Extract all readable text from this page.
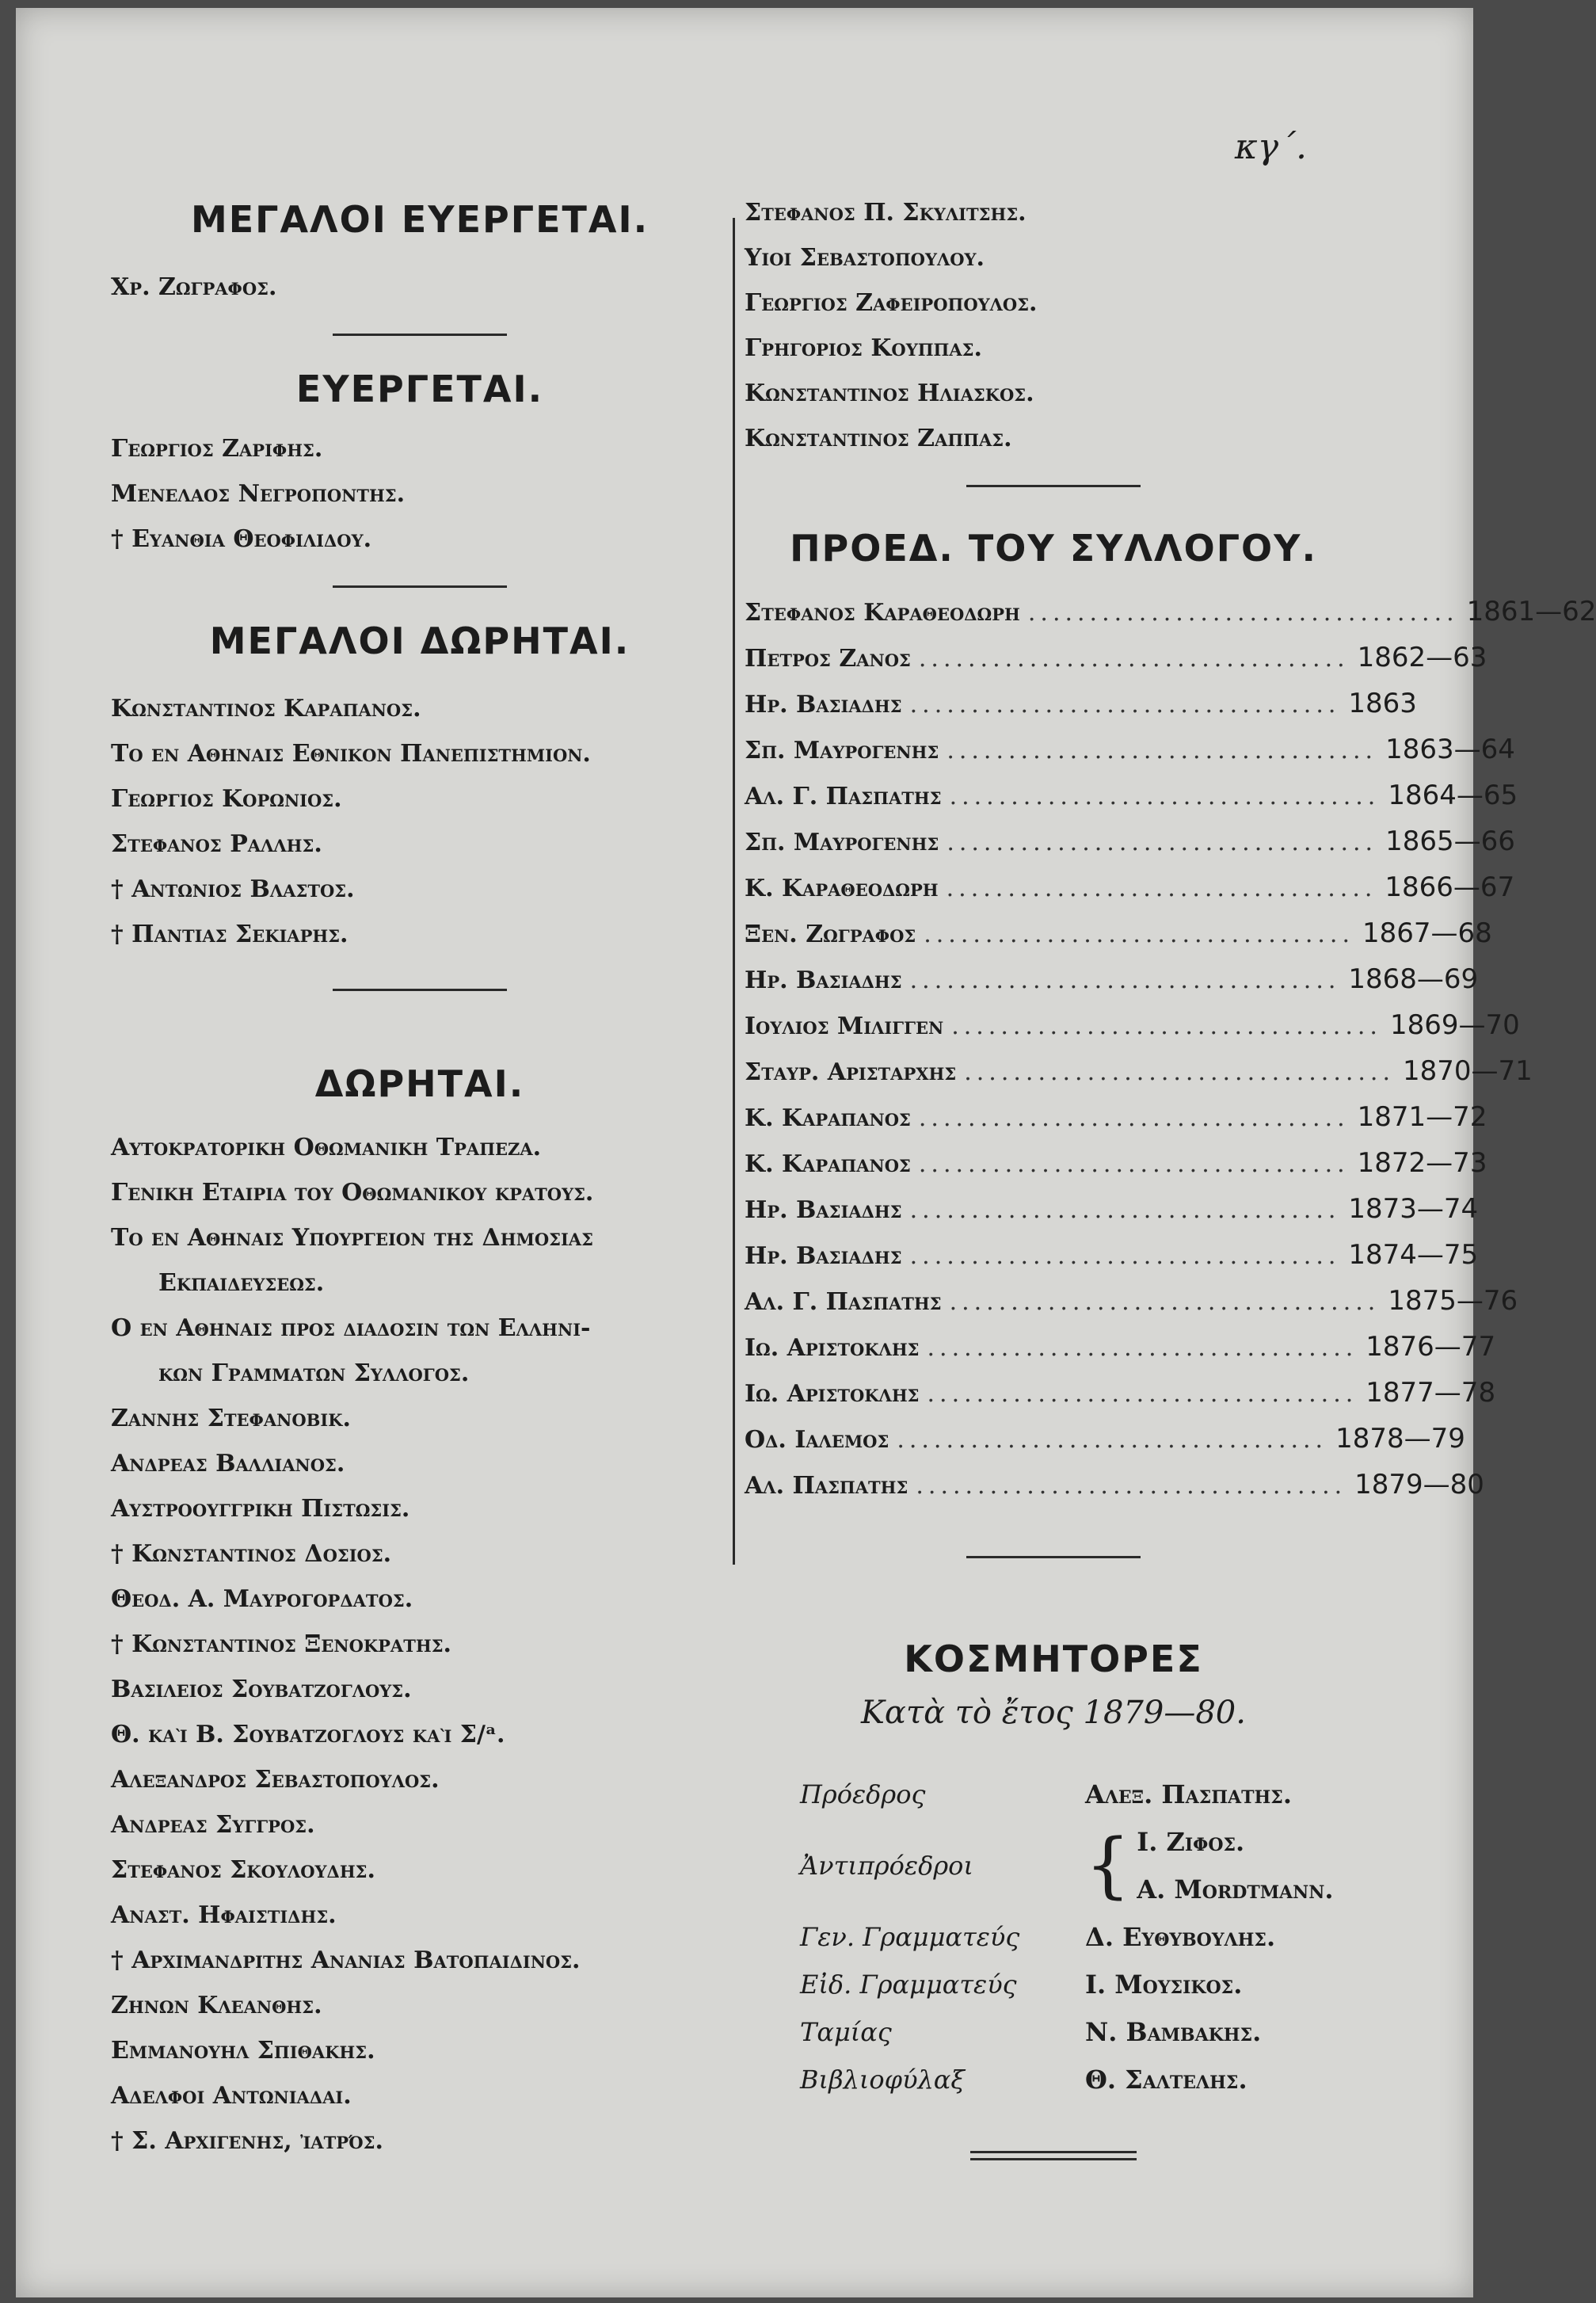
κγ΄.
ΜΕΓΑΛΟΙ ΕΥΕΡΓΕΤΑΙ.
Χρ. Ζωγραφος.
ΕΥΕΡΓΕΤΑΙ.
Γεωργιος Ζαριφης.
Μενελαος Νεγροποντης.
† Ευανθια Θεοφιλιδου.
ΜΕΓΑΛΟΙ ΔΩΡΗΤΑΙ.
Κωνσταντινος Καραπανος.
Το εν Αθηναις Εθνικον Πανεπιστημιον.
Γεωργιος Κορωνιος.
Στεφανος Ραλλης.
† Αντωνιος Βλαστος.
† Παντιας Σεκιαρης.
ΔΩΡΗΤΑΙ.
Αυτοκρατορικη Οθωμανικη Τραπεζα.
Γενικη Εταιρια του Οθωμανικου κρατους.
Το εν Αθηναις Υπουργειον της Δημοσιας
Εκπαιδευσεως.
Ο εν Αθηναις προς διαδοσιν των Ελληνι-
κων Γραμματων Συλλογος.
Ζαννης Στεφανοβικ.
Ανδρεας Βαλλιανος.
Αυστροουγγρικη Πιστωσις.
† Κωνσταντινος Δοσιος.
Θεοδ. Α. Μαυρογορδατος.
† Κωνσταντινος Ξενοκρατης.
Βασιλειος Σουβατζογλους.
Θ. καὶ Β. Σουβατζογλους καὶ Σ/ᵃ.
Αλεξανδρος Σεβαστοπουλος.
Ανδρεας Συγγρος.
Στεφανος Σκουλουδης.
Αναστ. Ηφαιστιδης.
† Αρχιμανδριτης Ανανιας Βατοπαιδινος.
Ζηνων Κλεανθης.
Εμμανουηλ Σπιθακης.
Αδελφοι Αντωνιαδαι.
† Σ. Αρχιγενης, ἰατρός.
Στεφανος Π. Σκυλιτσης.
Υιοι Σεβαστοπουλου.
Γεωργιος Ζαφειροπουλος.
Γρηγοριος Κουππας.
Κωνσταντινος Ηλιασκος.
Κωνσταντινος Ζαππας.
ΠΡΟΕΔ. ΤΟΥ ΣΥΛΛΟΓΟΥ.
Στεφανος Καραθεοδωρη ................................... 1861—62
Πετρος Ζανος ................................... 1862—63
Ηρ. Βασιαδης ................................... 1863
Σπ. Μαυρογενης ................................... 1863—64
Αλ. Γ. Πασπατης ................................... 1864—65
Σπ. Μαυρογενης ................................... 1865—66
Κ. Καραθεοδωρη ................................... 1866—67
Ξεν. Ζωγραφος ................................... 1867—68
Ηρ. Βασιαδης ................................... 1868—69
Ιουλιος Μιλιγγεν ................................... 1869—70
Σταυρ. Αρισταρχης ................................... 1870—71
Κ. Καραπανος ................................... 1871—72
Κ. Καραπανος ................................... 1872—73
Ηρ. Βασιαδης ................................... 1873—74
Ηρ. Βασιαδης ................................... 1874—75
Αλ. Γ. Πασπατης ................................... 1875—76
Ιω. Αριστοκλης ................................... 1876—77
Ιω. Αριστοκλης ................................... 1877—78
Οδ. Ιαλεμος ................................... 1878—79
Αλ. Πασπατης ................................... 1879—80
ΚΟΣΜΗΤΟΡΕΣ
Κατὰ τὸ ἔτος 1879—80.
Πρόεδρος	Αλεξ. Πασπατης.
Ἀντιπρόεδροι	{ Ι. Ζιφος.
Α. Mordtmann.
Γεν. Γραμματεύς	Δ. Ευθυβουλης.
Εἰδ. Γραμματεύς	Ι. Μουσικος.
Ταμίας	Ν. Βαμβακης.
Βιβλιοφύλαξ	Θ. Σαλτελης.
